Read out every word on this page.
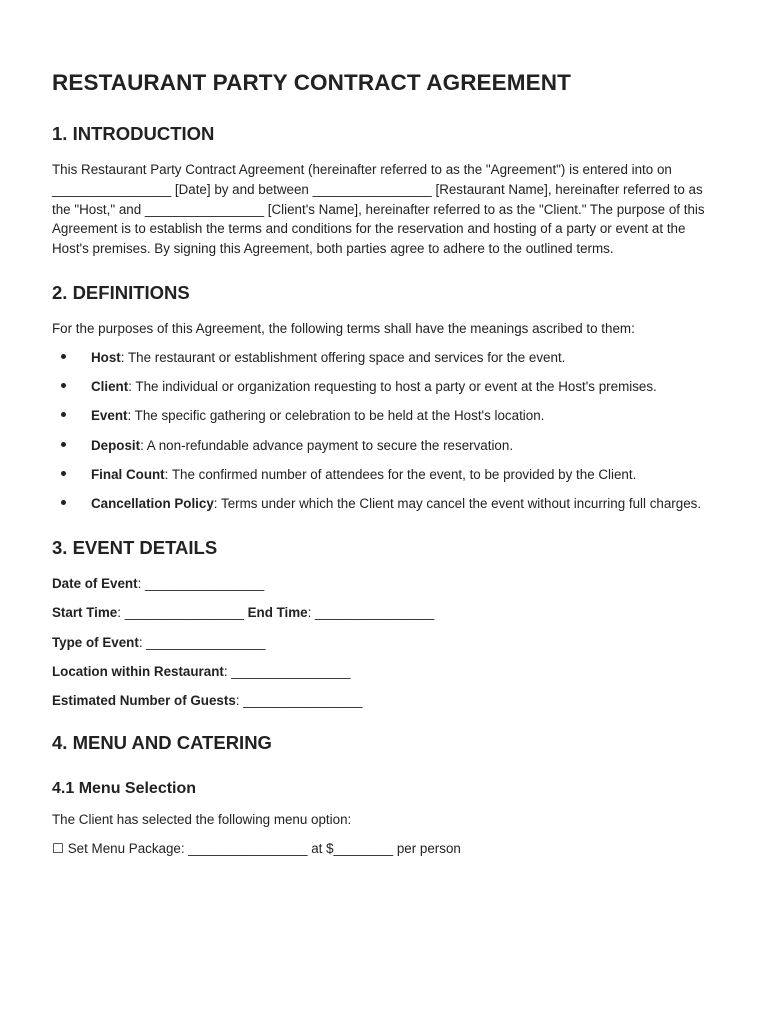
RESTAURANT PARTY CONTRACT AGREEMENT
1. INTRODUCTION

This Restaurant Party Contract Agreement (hereinafter referred to as the "Agreement") is entered into on ________________ [Date] by and between ________________ [Restaurant Name], hereinafter referred to as the "Host," and ________________ [Client's Name], hereinafter referred to as the "Client." The purpose of this Agreement is to establish the terms and conditions for the reservation and hosting of a party or event at the Host's premises. By signing this Agreement, both parties agree to adhere to the outlined terms.

2. DEFINITIONS

For the purposes of this Agreement, the following terms shall have the meanings ascribed to them:

Host: The restaurant or establishment offering space and services for the event.
Client: The individual or organization requesting to host a party or event at the Host's premises.
Event: The specific gathering or celebration to be held at the Host's location.
Deposit: A non-refundable advance payment to secure the reservation.
Final Count: The confirmed number of attendees for the event, to be provided by the Client.
Cancellation Policy: Terms under which the Client may cancel the event without incurring full charges.
3. EVENT DETAILS
Date of Event: ________________
Start Time: ________________ End Time: ________________
Type of Event: ________________
Location within Restaurant: ________________
Estimated Number of Guests: ________________
4. MENU AND CATERING
4.1 Menu Selection

The Client has selected the following menu option:

☐ Set Menu Package: ________________ at $________ per person
